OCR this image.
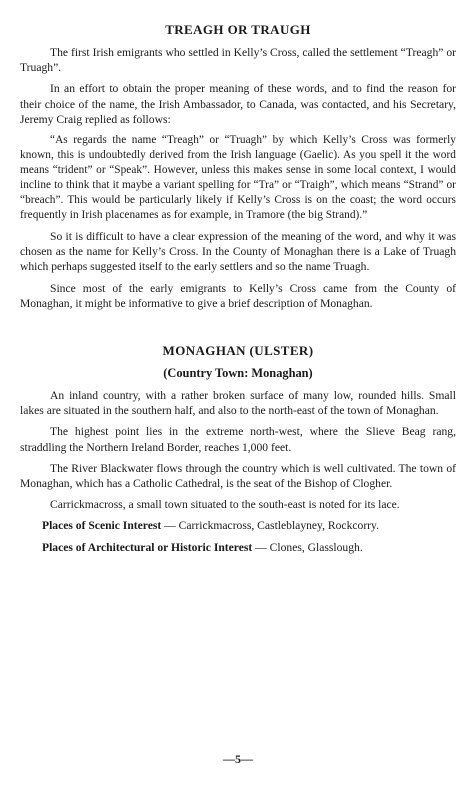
TREAGH OR TRAUGH

The first Irish emigrants who settled in Kelly’s Cross, called the settlement “Treagh” or Truagh”.

In an effort to obtain the proper meaning of these words, and to find the reason for their choice of the name, the Irish Ambassador, to Canada, was contacted, and his Secretary, Jeremy Craig replied as follows:

“As regards the name “Treagh” or “Truagh” by which Kelly’s Cross was formerly known, this is undoubtedly derived from the Irish language (Gaelic). As you spell it the word means “trident” or “Speak”. However, unless this makes sense in some local context, I would incline to think that it maybe a variant spelling for “Tra” or “Traigh”, which means “Strand” or “breach”. This would be particularly likely if Kelly’s Cross is on the coast; the word occurs frequently in Irish placenames as for example, in Tramore (the big Strand).”

So it is difficult to have a clear expression of the meaning of the word, and why it was chosen as the name for Kelly’s Cross. In the County of Monaghan there is a Lake of Truagh which perhaps suggested itself to the early settlers and so the name Truagh.

Since most of the early emigrants to Kelly’s Cross came from the County of Monaghan, it might be informative to give a brief description of Monaghan.

MONAGHAN (ULSTER)
(Country Town: Monaghan)

An inland country, with a rather broken surface of many low, rounded hills. Small lakes are situated in the southern half, and also to the north-east of the town of Monaghan.

The highest point lies in the extreme north-west, where the Slieve Beag rang, straddling the Northern Ireland Border, reaches 1,000 feet.

The River Blackwater flows through the country which is well cultivated. The town of Monaghan, which has a Catholic Cathedral, is the seat of the Bishop of Clogher.

Carrickmacross, a small town situated to the south-east is noted for its lace.

Places of Scenic Interest — Carrickmacross, Castleblayney, Rockcorry.

Places of Architectural or Historic Interest — Clones, Glasslough.

—5—
